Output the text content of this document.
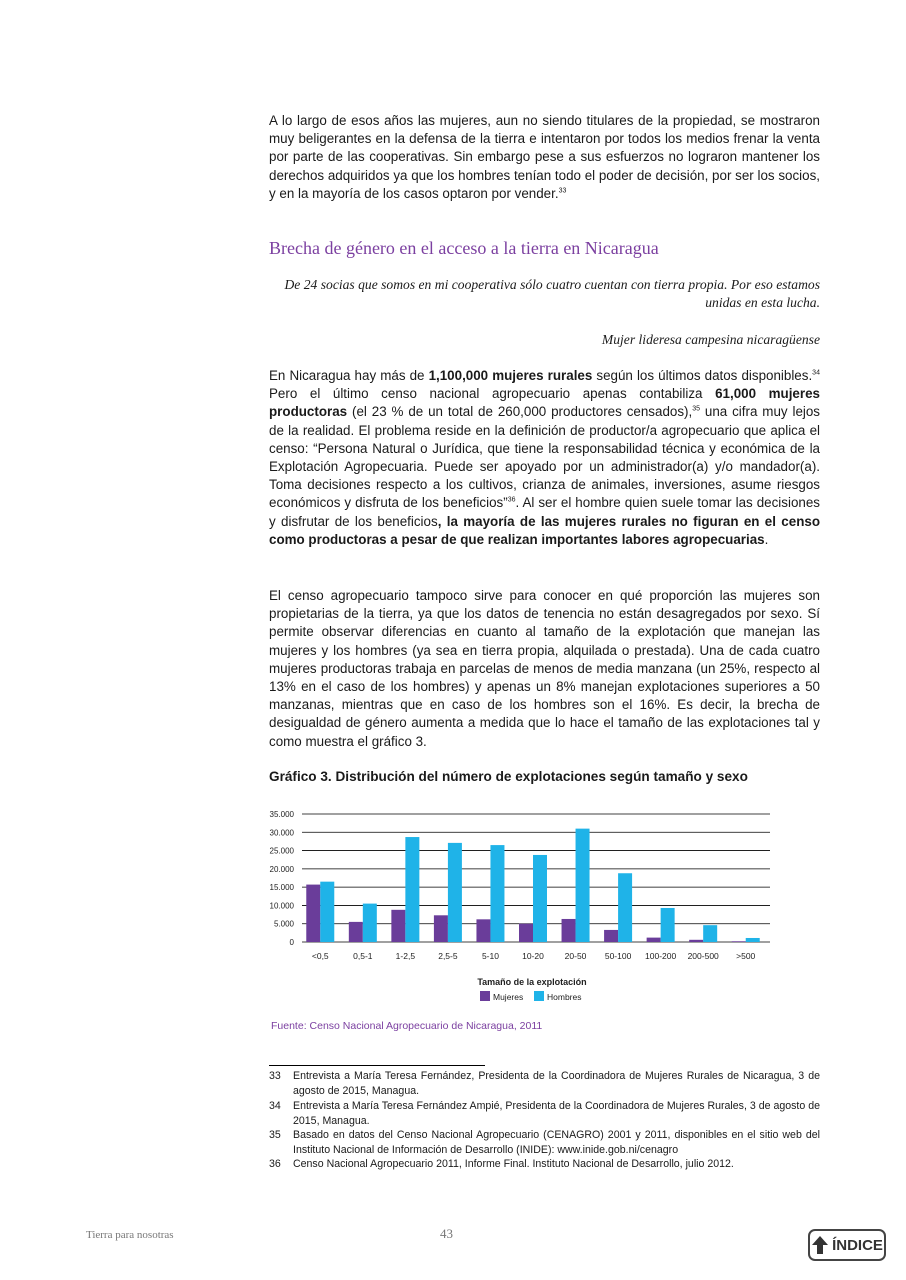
A lo largo de esos años las mujeres, aun no siendo titulares de la propiedad, se mostraron muy beligerantes en la defensa de la tierra e intentaron por todos los medios frenar la venta por parte de las cooperativas. Sin embargo pese a sus esfuerzos no lograron mantener los derechos adquiridos ya que los hombres tenían todo el poder de decisión, por ser los socios, y en la mayoría de los casos optaron por vender.$^{33}$

Brecha de género en el acceso a la tierra en Nicaragua
De 24 socias que somos en mi cooperativa sólo cuatro cuentan con tierra propia. Por eso estamos unidas en esta lucha.
Mujer lideresa campesina nicaragüense

En Nicaragua hay más de 1,100,000 mujeres rurales según los últimos datos disponibles.$^{34}$ Pero el último censo nacional agropecuario apenas contabiliza 61,000 mujeres productoras (el 23 % de un total de 260,000 productores censados),$^{35}$ una cifra muy lejos de la realidad. El problema reside en la definición de productor/a agropecuario que aplica el censo: “Persona Natural o Jurídica, que tiene la responsabilidad técnica y económica de la Explotación Agropecuaria. Puede ser apoyado por un administrador(a) y/o mandador(a). Toma decisiones respecto a los cultivos, crianza de animales, inversiones, asume riesgos económicos y disfruta de los beneficios”$^{36}$. Al ser el hombre quien suele tomar las decisiones y disfrutar de los beneficios, la mayoría de las mujeres rurales no figuran en el censo como productoras a pesar de que realizan importantes labores agropecuarias.

El censo agropecuario tampoco sirve para conocer en qué proporción las mujeres son propietarias de la tierra, ya que los datos de tenencia no están desagregados por sexo. Sí permite observar diferencias en cuanto al tamaño de la explotación que manejan las mujeres y los hombres (ya sea en tierra propia, alquilada o prestada). Una de cada cuatro mujeres productoras trabaja en parcelas de menos de media manzana (un 25%, respecto al 13% en el caso de los hombres) y apenas un 8% manejan explotaciones superiores a 50 manzanas, mientras que en caso de los hombres son el 16%. Es decir, la brecha de desigualdad de género aumenta a medida que lo hace el tamaño de las explotaciones tal y como muestra el gráfico 3.

Gráfico 3. Distribución del número de explotaciones según tamaño y sexo
35.000
30.000
25.000
20.000
15.000
10.000
5.000
0
<0,5	0,5-1	1-2,5	2,5-5	5-10	10-20 20-50 50-100 100-200 200-500 >500
Tamaño de la explotación
Mujeres	Hombres
Fuente: Censo Nacional Agropecuario de Nicaragua, 2011
33	Entrevista a María Teresa Fernández, Presidenta de la Coordinadora de Mujeres Rurales de Nicaragua, 3 de agosto de 2015, Managua.
34	Entrevista a María Teresa Fernández Ampié, Presidenta de la Coordinadora de Mujeres Rurales, 3 de agosto de 2015, Managua.
35	Basado en datos del Censo Nacional Agropecuario (CENAGRO) 2001 y 2011, disponibles en el sitio web del Instituto Nacional de Información de Desarrollo (INIDE): www.inide.gob.ni/cenagro
36	Censo Nacional Agropecuario 2011, Informe Final. Instituto Nacional de Desarrollo, julio 2012.
Tierra para nosotras	43
ÍNDICE
